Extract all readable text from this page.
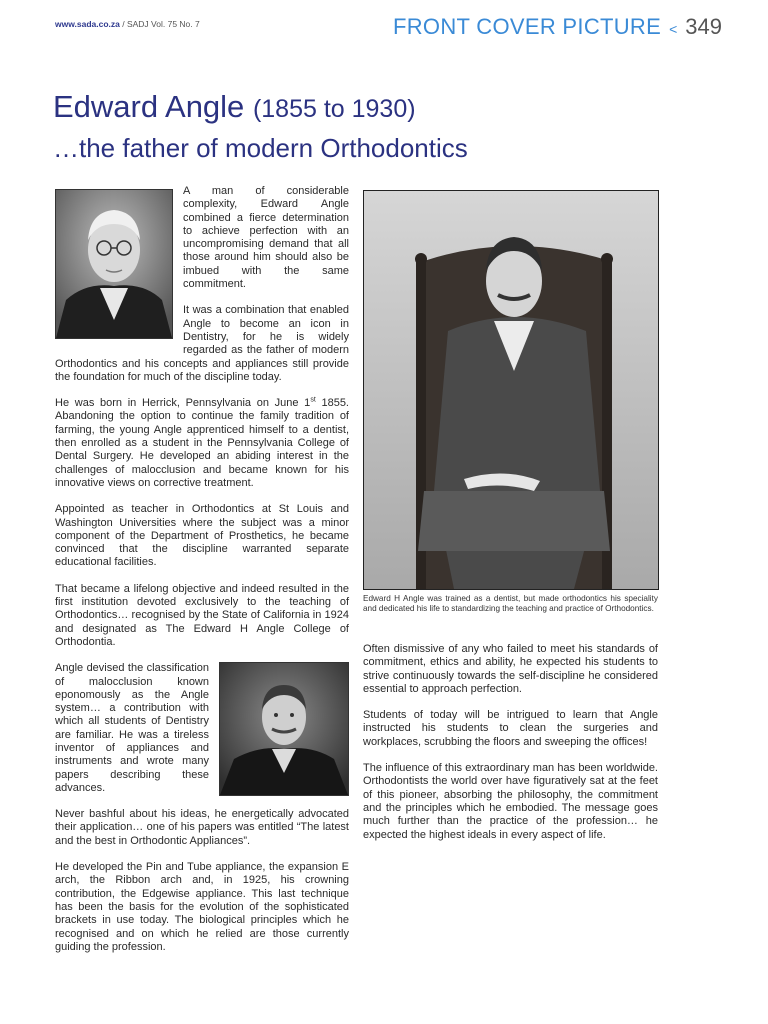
www.sada.co.za / SADJ Vol. 75 No. 7	FRONT COVER PICTURE < 349
Edward Angle (1855 to 1930)
…the father of modern Orthodontics

A man of considerable complexity, Edward Angle combined a fierce determination to achieve perfection with an uncompromising demand that all those around him should also be imbued with the same commitment.

It was a combination that enabled Angle to become an icon in Dentistry, for he is widely regarded as the father of modern Orthodontics and his concepts and appliances still provide the foundation for much of the discipline today.

He was born in Herrick, Pennsylvania on June 1st 1855. Abandoning the option to continue the family tradition of farming, the young Angle apprenticed himself to a dentist, then enrolled as a student in the Pennsylvania College of Dental Surgery. He developed an abiding interest in the challenges of malocclusion and became known for his innovative views on corrective treatment.

Appointed as teacher in Orthodontics at St Louis and Washington Universities where the subject was a minor component of the Department of Prosthetics, he became convinced that the discipline warranted separate educational facilities.

That became a lifelong objective and indeed resulted in the first institution devoted exclusively to the teaching of Orthodontics… recognised by the State of California in 1924 and designated as The Edward H Angle College of Orthodontia.

Angle devised the classification of malocclusion known eponomously as the Angle system… a contribution with which all students of Dentistry are familiar. He was a tireless inventor of appliances and instruments and wrote many papers describing these advances.

Never bashful about his ideas, he energetically advocated their application… one of his papers was entitled “The latest and the best in Orthodontic Appliances”.

He developed the Pin and Tube appliance, the expansion E arch, the Ribbon arch and, in 1925, his crowning contribution, the Edgewise appliance. This last technique has been the basis for the evolution of the sophisticated brackets in use today. The biological principles which he recognised and on which he relied are those currently guiding the profession.

Edward H Angle was trained as a dentist, but made orthodontics his speciality and dedicated his life to standardizing the teaching and practice of Orthodontics.

Often dismissive of any who failed to meet his standards of commitment, ethics and ability, he expected his students to strive continuously towards the self-discipline he considered essential to approach perfection.

Students of today will be intrigued to learn that Angle instructed his students to clean the surgeries and workplaces, scrubbing the floors and sweeping the offices!

The influence of this extraordinary man has been worldwide. Orthodontists the world over have figuratively sat at the feet of this pioneer, absorbing the philosophy, the commitment and the principles which he embodied. The message goes much further than the practice of the profession… he expected the highest ideals in every aspect of life.
